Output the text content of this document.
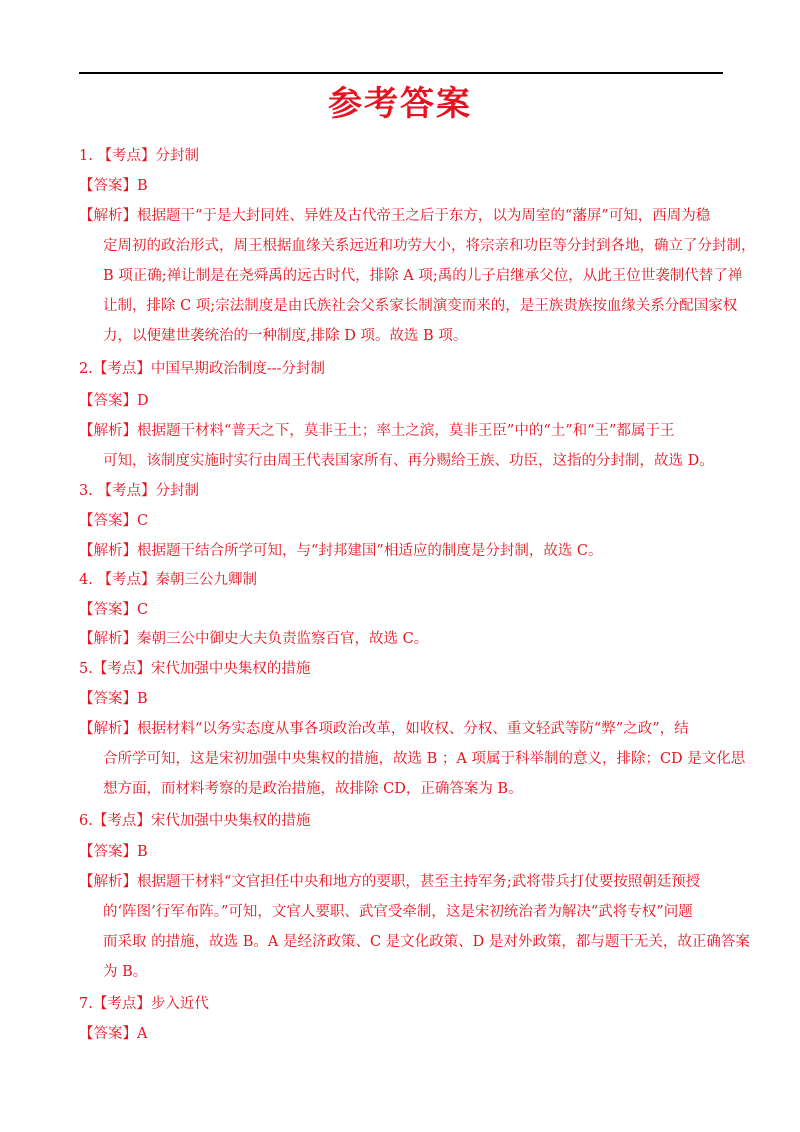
参考答案
1. 【考点】分封制
【答案】B
【解析】根据题干“于是大封同姓、异姓及古代帝王之后于东方，以为周室的“藩屏”可知，西周为稳
定周初的政治形式，周王根据血缘关系远近和功劳大小，将宗亲和功臣等分封到各地，确立了分封制，
B 项正确;禅让制是在尧舜禹的远古时代，排除 A 项;禹的儿子启继承父位，从此王位世袭制代替了禅
让制，排除 C 项;宗法制度是由氏族社会父系家长制演变而来的，是王族贵族按血缘关系分配国家权
力，以便建世袭统治的一种制度,排除 D 项。故选 B 项。
2.【考点】中国早期政治制度---分封制
【答案】D
【解析】根据题干材料“普天之下，莫非王土；率土之滨，莫非王臣”中的“土”和“王”都属于王
可知，该制度实施时实行由周王代表国家所有、再分赐给王族、功臣，这指的分封制，故选 D。
3. 【考点】分封制
【答案】C
【解析】根据题干结合所学可知，与“封邦建国”相适应的制度是分封制，故选 C。
4. 【考点】秦朝三公九卿制
【答案】C
【解析】秦朝三公中御史大夫负责监察百官，故选 C。
5.【考点】宋代加强中央集权的措施
【答案】B
【解析】根据材料“以务实态度从事各项政治改革，如收权、分权、重文轻武等防“弊”之政”，结
合所学可知，这是宋初加强中央集权的措施，故选 B ；A 项属于科举制的意义，排除；CD 是文化思
想方面，而材料考察的是政治措施，故排除 CD，正确答案为 B。
6.【考点】宋代加强中央集权的措施
【答案】B
【解析】根据题干材料“文官担任中央和地方的要职，甚至主持军务;武将带兵打仗要按照朝廷预授
的‘阵图’行军布阵。”可知，文官人要职、武官受牵制，这是宋初统治者为解决“武将专权”问题
而采取 的措施，故选 B。A 是经济政策、C 是文化政策、D 是对外政策，都与题干无关，故正确答案
为 B。
7.【考点】步入近代
【答案】A
